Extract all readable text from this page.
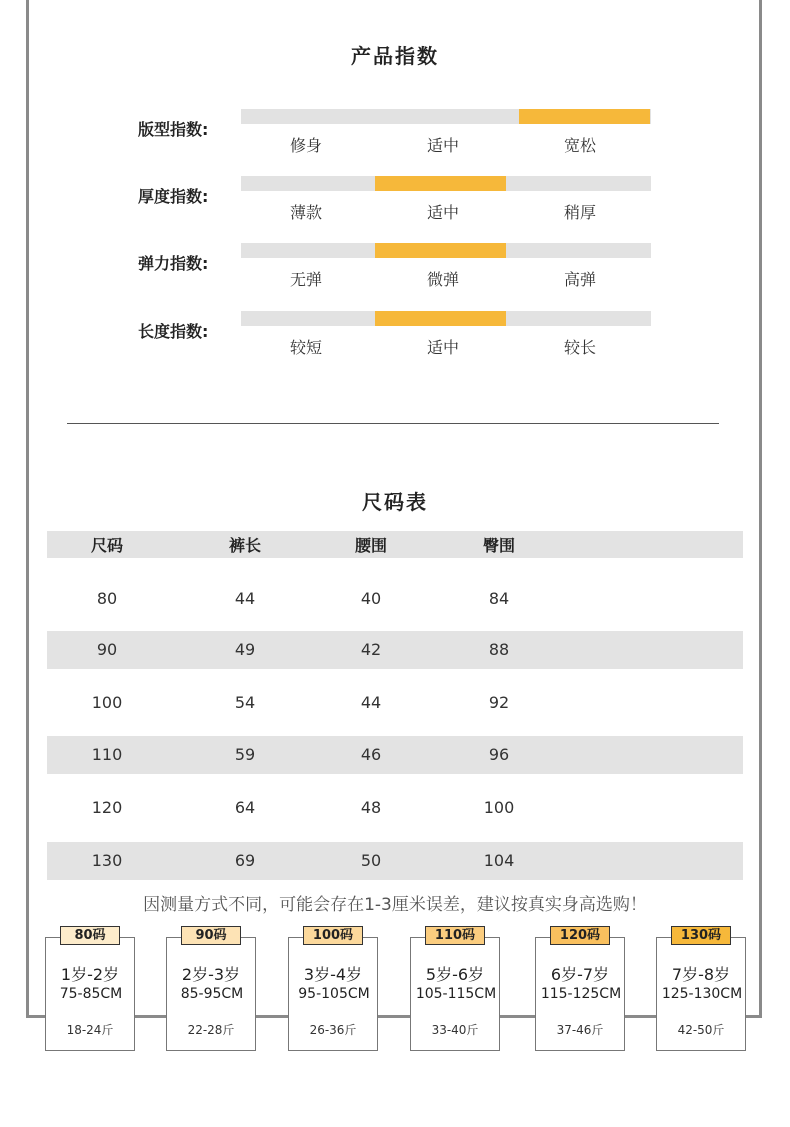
产品指数
版型指数:
修身	适中	宽松
厚度指数:
薄款	适中	稍厚
弹力指数:
无弹	微弹	高弹
长度指数:
较短	适中	较长
尺码表
尺码	裤长	腰围	臀围
80	44	40	84
90	49	42	88
100	54	44	92
110	59	46	96
120	64	48	100
130	69	50	104
因测量方式不同，可能会存在1-3厘米误差，建议按真实身高选购！
80码
1岁-2岁
75-85CM
18-24斤
90码
2岁-3岁
85-95CM
22-28斤
100码
3岁-4岁
95-105CM
26-36斤
110码
5岁-6岁
105-115CM
33-40斤
120码
6岁-7岁
115-125CM
37-46斤
130码
7岁-8岁
125-130CM
42-50斤
